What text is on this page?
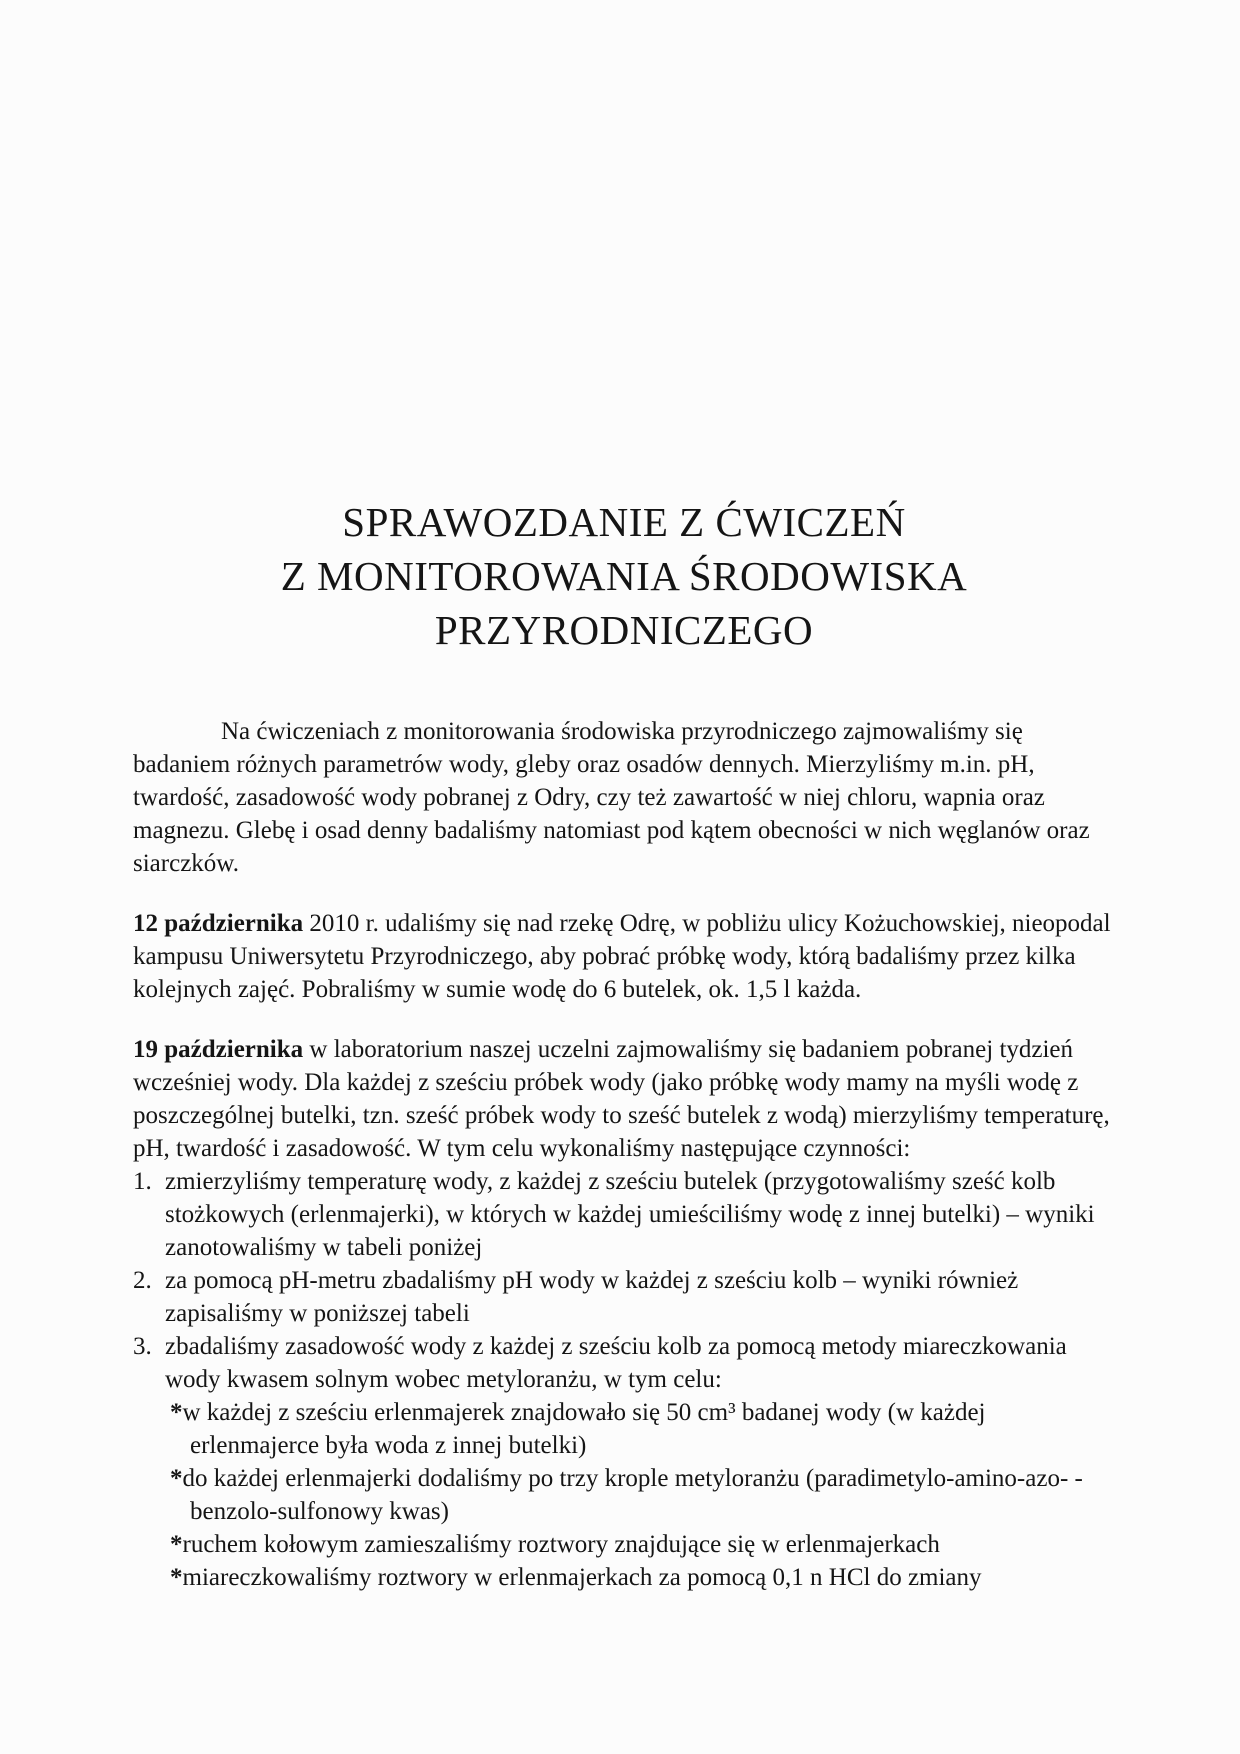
SPRAWOZDANIE Z ĆWICZEŃ
Z MONITOROWANIA ŚRODOWISKA
PRZYRODNICZEGO

Na ćwiczeniach z monitorowania środowiska przyrodniczego zajmowaliśmy się badaniem różnych parametrów wody, gleby oraz osadów dennych. Mierzyliśmy m.in. pH, twardość, zasadowość wody pobranej z Odry, czy też zawartość w niej chloru, wapnia oraz magnezu. Glebę i osad denny badaliśmy natomiast pod kątem obecności w nich węglanów oraz siarczków.

12 października 2010 r. udaliśmy się nad rzekę Odrę, w pobliżu ulicy Kożuchowskiej, nieopodal kampusu Uniwersytetu Przyrodniczego, aby pobrać próbkę wody, którą badaliśmy przez kilka kolejnych zajęć. Pobraliśmy w sumie wodę do 6 butelek, ok. 1,5 l każda.

19 października w laboratorium naszej uczelni zajmowaliśmy się badaniem pobranej tydzień wcześniej wody. Dla każdej z sześciu próbek wody (jako próbkę wody mamy na myśli wodę z poszczególnej butelki, tzn. sześć próbek wody to sześć butelek z wodą) mierzyliśmy temperaturę, pH, twardość i zasadowość. W tym celu wykonaliśmy następujące czynności:

1. zmierzyliśmy temperaturę wody, z każdej z sześciu butelek (przygotowaliśmy sześć kolb stożkowych (erlenmajerki), w których w każdej umieściliśmy wodę z innej butelki) – wyniki zanotowaliśmy w tabeli poniżej

2. za pomocą pH-metru zbadaliśmy pH wody w każdej z sześciu kolb – wyniki również zapisaliśmy w poniższej tabeli

3. zbadaliśmy zasadowość wody z każdej z sześciu kolb za pomocą metody miareczkowania wody kwasem solnym wobec metyloranżu, w tym celu:

*w każdej z sześciu erlenmajerek znajdowało się 50 cm³ badanej wody (w każdej erlenmajerce była woda z innej butelki)

*do każdej erlenmajerki dodaliśmy po trzy krople metyloranżu (paradimetylo-amino-azo- -benzolo-sulfonowy kwas)

*ruchem kołowym zamieszaliśmy roztwory znajdujące się w erlenmajerkach

*miareczkowaliśmy roztwory w erlenmajerkach za pomocą 0,1 n HCl do zmiany
